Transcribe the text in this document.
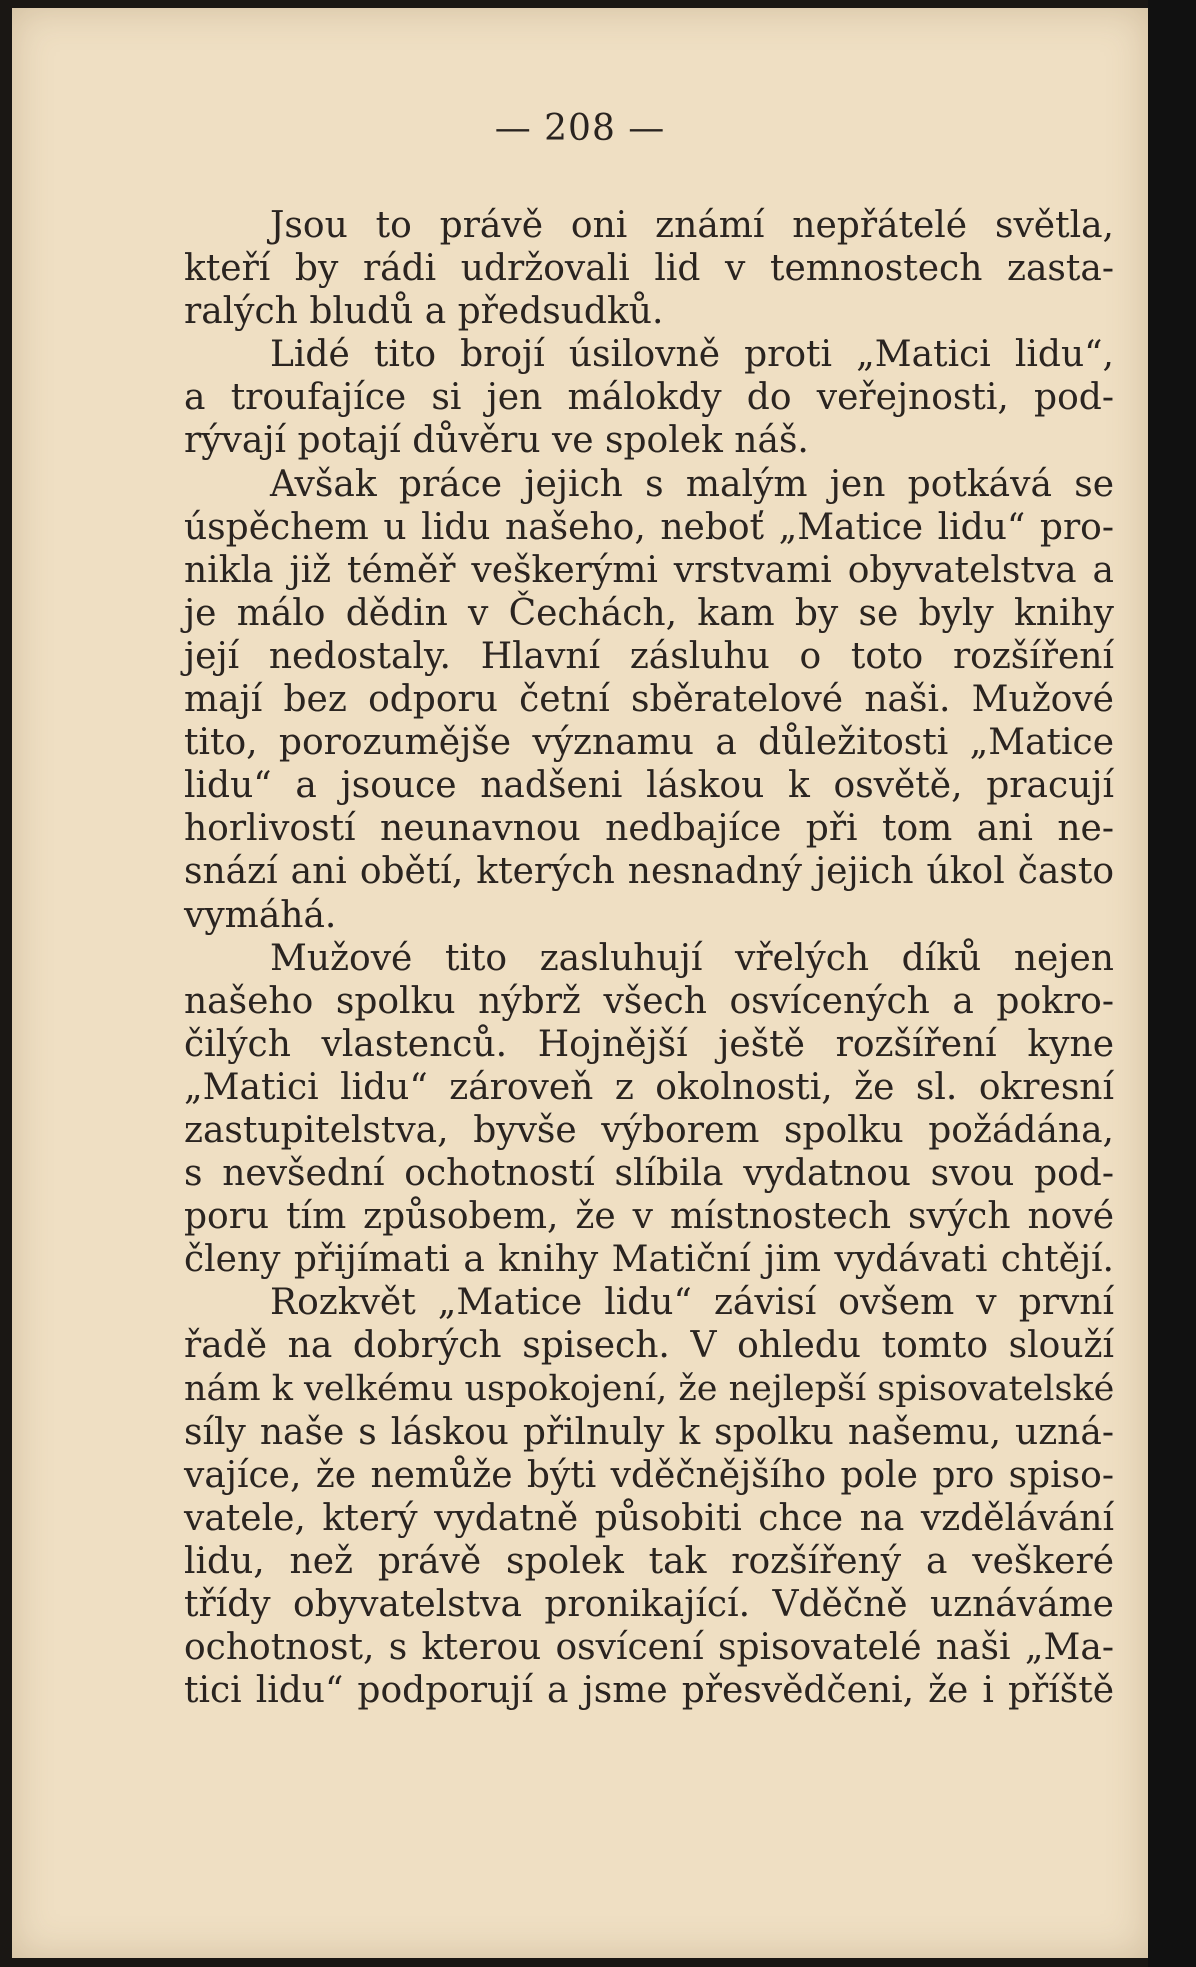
— 208 —
Jsou to právě oni známí nepřátelé světla,
kteří by rádi udržovali lid v temnostech zasta-
ralých bludů a předsudků.
Lidé tito brojí úsilovně proti „Matici lidu“,
a troufajíce si jen málokdy do veřejnosti, pod-
rývají potají důvěru ve spolek náš.
Avšak práce jejich s malým jen potkává se
úspěchem u lidu našeho, neboť „Matice lidu“ pro-
nikla již téměř veškerými vrstvami obyvatelstva a
je málo dědin v Čechách, kam by se byly knihy
její nedostaly. Hlavní zásluhu o toto rozšíření
mají bez odporu četní sběratelové naši. Mužové
tito, porozumějše významu a důležitosti „Matice
lidu“ a jsouce nadšeni láskou k osvětě, pracují
horlivostí neunavnou nedbajíce při tom ani ne-
snází ani obětí, kterých nesnadný jejich úkol často
vymáhá.
Mužové tito zasluhují vřelých díků nejen
našeho spolku nýbrž všech osvícených a pokro-
čilých vlastenců. Hojnější ještě rozšíření kyne
„Matici lidu“ zároveň z okolnosti, že sl. okresní
zastupitelstva, byvše výborem spolku požádána,
s nevšední ochotností slíbila vydatnou svou pod-
poru tím způsobem, že v místnostech svých nové
členy přijímati a knihy Matiční jim vydávati chtějí.
Rozkvět „Matice lidu“ závisí ovšem v první
řadě na dobrých spisech. V ohledu tomto slouží
nám k velkému uspokojení, že nejlepší spisovatelské
síly naše s láskou přilnuly k spolku našemu, uzná-
vajíce, že nemůže býti vděčnějšího pole pro spiso-
vatele, který vydatně působiti chce na vzdělávání
lidu, než právě spolek tak rozšířený a veškeré
třídy obyvatelstva pronikající. Vděčně uznáváme
ochotnost, s kterou osvícení spisovatelé naši „Ma-
tici lidu“ podporují a jsme přesvědčeni, že i příště
